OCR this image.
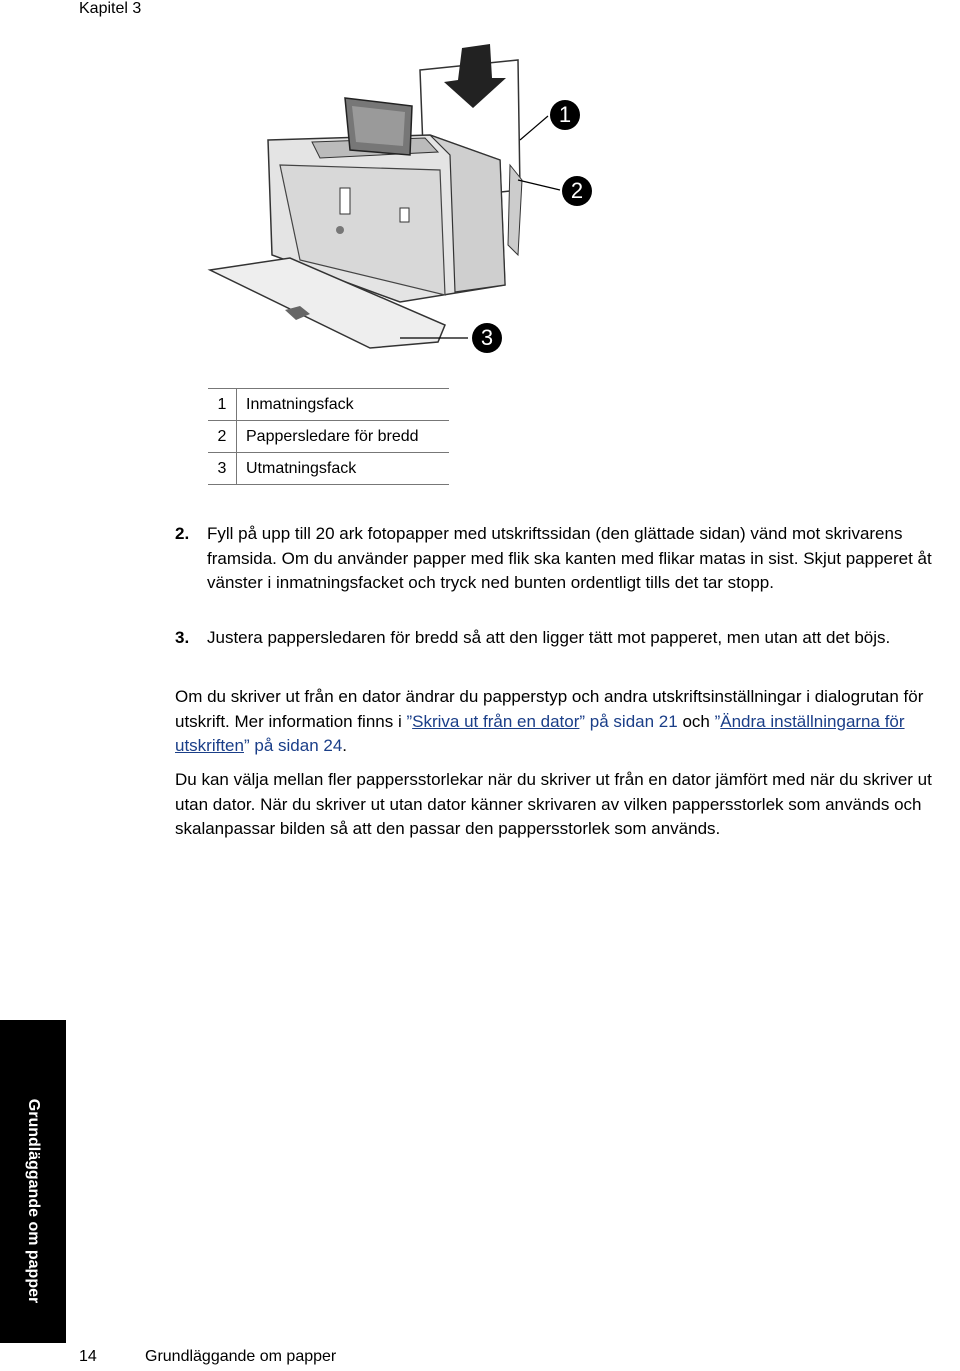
Kapitel 3
1
2
3
1	Inmatningsfack
2	Pappersledare för bredd
3	Utmatningsfack
2. Fyll på upp till 20 ark fotopapper med utskriftssidan (den glättade sidan) vänd mot skrivarens framsida. Om du använder papper med flik ska kanten med flikar matas in sist. Skjut papperet åt vänster i inmatningsfacket och tryck ned bunten ordentligt tills det tar stopp.
3. Justera pappersledaren för bredd så att den ligger tätt mot papperet, men utan att det böjs.
Om du skriver ut från en dator ändrar du papperstyp och andra utskriftsinställningar i dialogrutan för utskrift. Mer information finns i ”Skriva ut från en dator” på sidan 21 och ”Ändra inställningarna för utskriften” på sidan 24.
Du kan välja mellan fler pappersstorlekar när du skriver ut från en dator jämfört med när du skriver ut utan dator. När du skriver ut utan dator känner skrivaren av vilken pappersstorlek som används och skalanpassar bilden så att den passar den pappersstorlek som används.
Grundläggande om papper
14	Grundläggande om papper
